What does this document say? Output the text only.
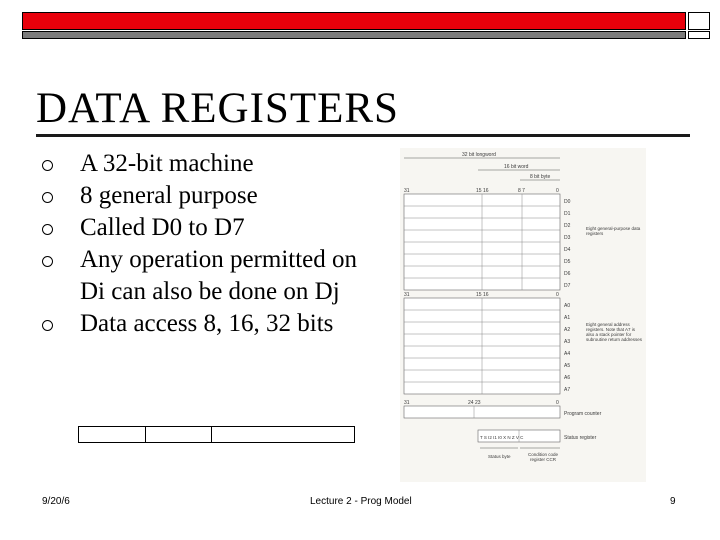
DATA REGISTERS
A 32-bit machine
8 general purpose
Called D0 to D7
Any operation permitted on Di can also be done on Dj
Data access 8, 16, 32 bits
32 bit longword
16 bit word
8 bit byte
31	15 16	8 7	0
D0
D1
D2
D3
D4
D5
D6
D7
Eight general-purpose data registers
31	15 16	0
A0
A1
A2
A3
A4
A5
A6
A7
Eight general address registers. Note that A7 is also a stack pointer for subroutine return addresses
31	24 23	0
Program counter
T S I2 I1 I0 X N Z V C	Status register
Status byte	Condition code register CCR
9/20/6	Lecture 2 - Prog Model	9
